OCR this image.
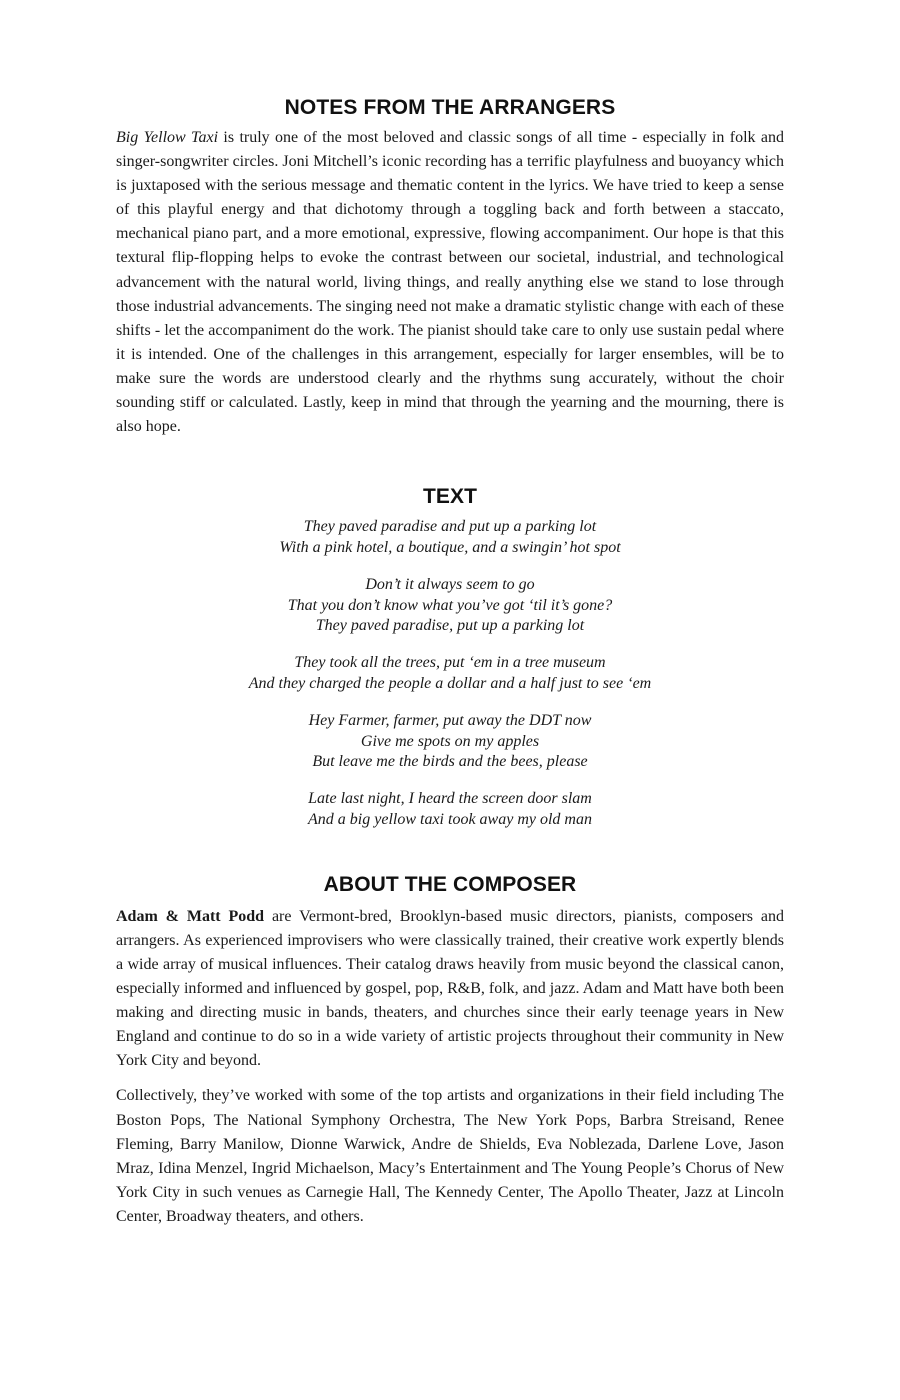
NOTES FROM THE ARRANGERS

Big Yellow Taxi is truly one of the most beloved and classic songs of all time - especially in folk and singer-songwriter circles. Joni Mitchell’s iconic recording has a terrific playfulness and buoyancy which is juxtaposed with the serious message and thematic content in the lyrics. We have tried to keep a sense of this playful energy and that dichotomy through a toggling back and forth between a staccato, mechanical piano part, and a more emotional, expressive, flowing accompaniment. Our hope is that this textural flip-flopping helps to evoke the contrast between our societal, industrial, and technological advancement with the natural world, living things, and really anything else we stand to lose through those industrial advancements. The singing need not make a dramatic stylistic change with each of these shifts - let the accompaniment do the work. The pianist should take care to only use sustain pedal where it is intended. One of the challenges in this arrangement, especially for larger ensembles, will be to make sure the words are understood clearly and the rhythms sung accurately, without the choir sounding stiff or calculated. Lastly, keep in mind that through the yearning and the mourning, there is also hope.

TEXT

They paved paradise and put up a parking lot
With a pink hotel, a boutique, and a swingin’ hot spot

Don’t it always seem to go
That you don’t know what you’ve got ‘til it’s gone?
They paved paradise, put up a parking lot

They took all the trees, put ‘em in a tree museum
And they charged the people a dollar and a half just to see ‘em

Hey Farmer, farmer, put away the DDT now
Give me spots on my apples
But leave me the birds and the bees, please

Late last night, I heard the screen door slam
And a big yellow taxi took away my old man

ABOUT THE COMPOSER

Adam & Matt Podd are Vermont-bred, Brooklyn-based music directors, pianists, composers and arrangers. As experienced improvisers who were classically trained, their creative work expertly blends a wide array of musical influences. Their catalog draws heavily from music beyond the classical canon, especially informed and influenced by gospel, pop, R&B, folk, and jazz. Adam and Matt have both been making and directing music in bands, theaters, and churches since their early teenage years in New England and continue to do so in a wide variety of artistic projects throughout their community in New York City and beyond.

Collectively, they’ve worked with some of the top artists and organizations in their field including The Boston Pops, The National Symphony Orchestra, The New York Pops, Barbra Streisand, Renee Fleming, Barry Manilow, Dionne Warwick, Andre de Shields, Eva Noblezada, Darlene Love, Jason Mraz, Idina Menzel, Ingrid Michaelson, Macy’s Entertainment and The Young People’s Chorus of New York City in such venues as Carnegie Hall, The Kennedy Center, The Apollo Theater, Jazz at Lincoln Center, Broadway theaters, and others.
